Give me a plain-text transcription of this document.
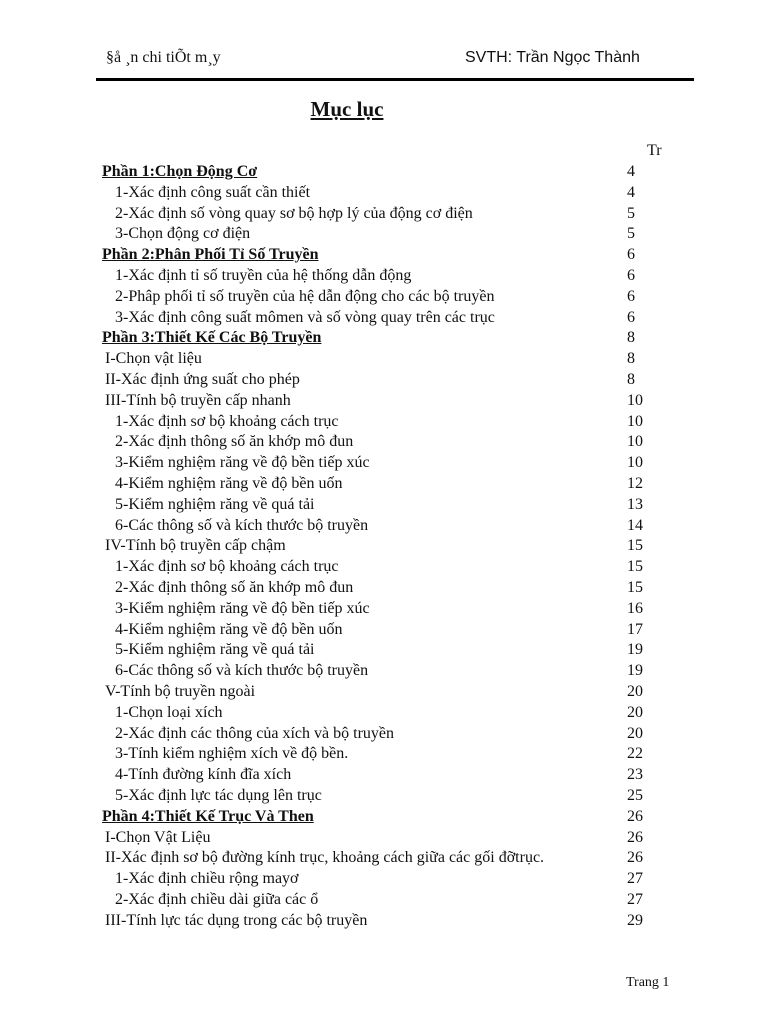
§å ¸n chi tiÕt m¸y	SVTH: Trần Ngọc Thành
Mục lục
Tr
Phần 1:Chọn Động Cơ	4
1-Xác định công suất cần thiết	4
2-Xác định số vòng quay sơ bộ hợp lý của động cơ điện	5
3-Chọn động cơ điện	5
Phần 2:Phân Phối Tỉ Số Truyền	6
1-Xác định tỉ số truyền của hệ thống dẫn động	6
2-Phâp phối tỉ số truyền của hệ dẫn động cho các bộ truyền	6
3-Xác định công suất mômen và số vòng quay trên các trục	6
Phần 3:Thiết Kế Các Bộ Truyền	8
I-Chọn vật liệu	8
II-Xác định ứng suất cho phép	8
III-Tính bộ truyền cấp nhanh	10
1-Xác định sơ bộ khoảng cách trục	10
2-Xác định thông số ăn khớp mô đun	10
3-Kiểm nghiệm răng về độ bền tiếp xúc	10
4-Kiểm nghiệm răng về độ bền uốn	12
5-Kiểm nghiệm răng về quá tải	13
6-Các thông số và kích thước bộ truyền	14
IV-Tính bộ truyền cấp chậm	15
1-Xác định sơ bộ khoảng cách trục	15
2-Xác định thông số ăn khớp mô đun	15
3-Kiểm nghiệm răng về độ bền tiếp xúc	16
4-Kiểm nghiệm răng về độ bền uốn	17
5-Kiểm nghiệm răng về quá tải	19
6-Các thông số và kích thước bộ truyền	19
V-Tính bộ truyền ngoài	20
1-Chọn loại xích	20
2-Xác định các thông của xích và bộ truyền	20
3-Tính kiểm nghiệm xích về độ bền.	22
4-Tính đường kính đĩa xích	23
5-Xác định lực tác dụng lên trục	25
Phần 4:Thiết Kế Trục Và Then	26
I-Chọn Vật Liệu	26
II-Xác định sơ bộ đường kính trục, khoảng cách giữa các gối đỡtrục.	26
1-Xác định chiều rộng mayơ	27
2-Xác định chiều dài giữa các ổ	27
III-Tính lực tác dụng trong các bộ truyền	29
Trang 1
